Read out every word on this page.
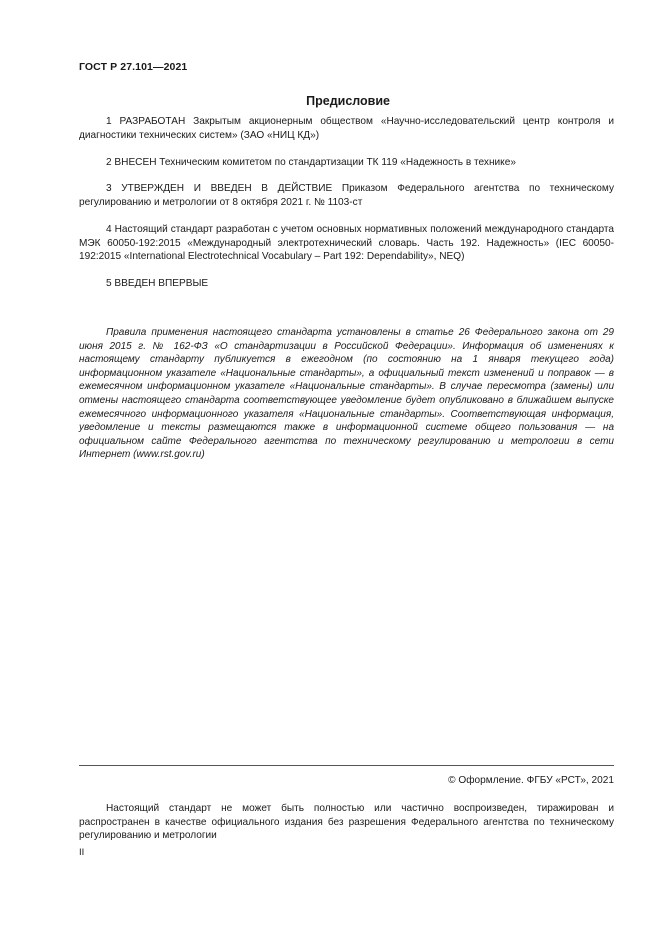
ГОСТ Р 27.101—2021
Предисловие

1 РАЗРАБОТАН Закрытым акционерным обществом «Научно-исследовательский центр контроля и диагностики технических систем» (ЗАО «НИЦ КД»)

2 ВНЕСЕН Техническим комитетом по стандартизации ТК 119 «Надежность в технике»

3 УТВЕРЖДЕН И ВВЕДЕН В ДЕЙСТВИЕ Приказом Федерального агентства по техническому регулированию и метрологии от 8 октября 2021 г. № 1103-ст

4 Настоящий стандарт разработан с учетом основных нормативных положений международного стандарта МЭК 60050-192:2015 «Международный электротехнический словарь. Часть 192. Надежность» (IEC 60050-192:2015 «International Electrotechnical Vocabulary – Part 192: Dependability», NEQ)

5 ВВЕДЕН ВПЕРВЫЕ

Правила применения настоящего стандарта установлены в статье 26 Федерального закона от 29 июня 2015 г. № 162-ФЗ «О стандартизации в Российской Федерации». Информация об изменениях к настоящему стандарту публикуется в ежегодном (по состоянию на 1 января текущего года) информационном указателе «Национальные стандарты», а официальный текст изменений и поправок — в ежемесячном информационном указателе «Национальные стандарты». В случае пересмотра (замены) или отмены настоящего стандарта соответствующее уведомление будет опубликовано в ближайшем выпуске ежемесячного информационного указателя «Национальные стандарты». Соответствующая информация, уведомление и тексты размещаются также в информационной системе общего пользования — на официальном сайте Федерального агентства по техническому регулированию и метрологии в сети Интернет (www.rst.gov.ru)

© Оформление. ФГБУ «РСТ», 2021

Настоящий стандарт не может быть полностью или частично воспроизведен, тиражирован и распространен в качестве официального издания без разрешения Федерального агентства по техническому регулированию и метрологии

II
